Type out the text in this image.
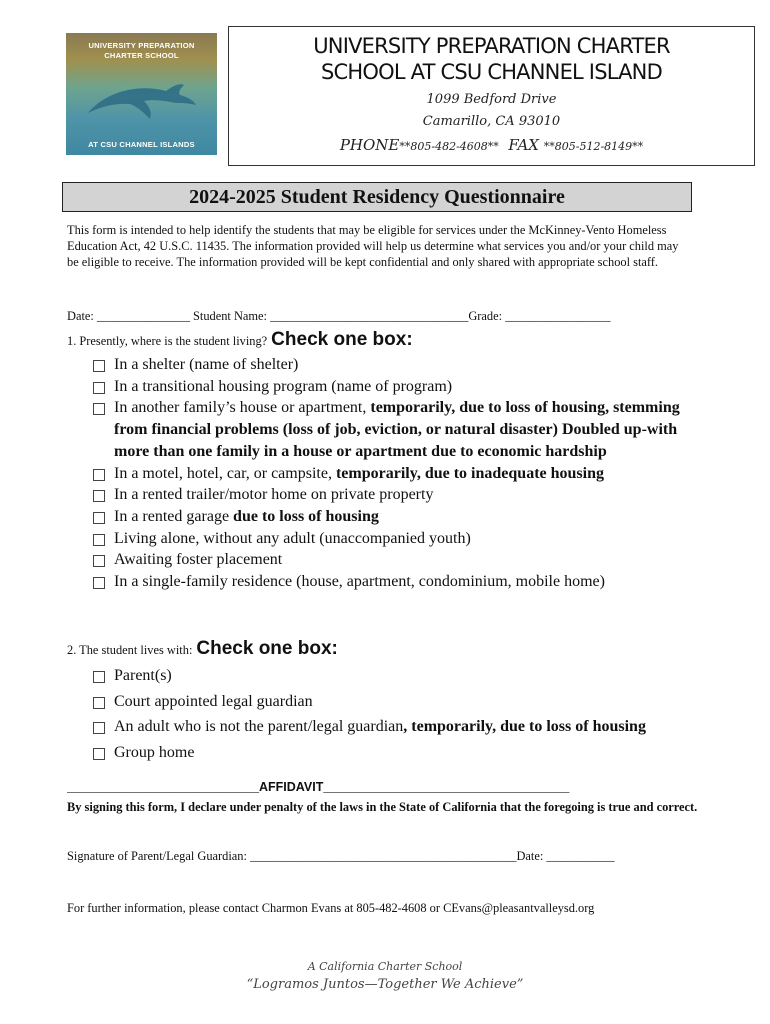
UNIVERSITY PREPARATION
CHARTER SCHOOL
AT CSU CHANNEL ISLANDS
UNIVERSITY PREPARATION CHARTER
SCHOOL AT CSU CHANNEL ISLAND
1099 Bedford Drive
Camarillo, CA 93010
PHONE**805-482-4608** FAX **805-512-8149**
2024-2025 Student Residency Questionnaire
This form is intended to help identify the students that may be eligible for services under the McKinney-Vento Homeless Education Act, 42 U.S.C. 11435. The information provided will help us determine what services you and/or your child may be eligible to receive. The information provided will be kept confidential and only shared with appropriate school staff.
Date: _______________ Student Name: ________________________________Grade: _________________
1. Presently, where is the student living? Check one box:
In a shelter (name of shelter)
In a transitional housing program (name of program)
In another family’s house or apartment, temporarily, due to loss of housing, stemming from financial problems (loss of job, eviction, or natural disaster) Doubled up-with more than one family in a house or apartment due to economic hardship
In a motel, hotel, car, or campsite, temporarily, due to inadequate housing
In a rented trailer/motor home on private property
In a rented garage due to loss of housing
Living alone, without any adult (unaccompanied youth)
Awaiting foster placement
In a single-family residence (house, apartment, condominium, mobile home)
2. The student lives with: Check one box:
Parent(s)
Court appointed legal guardian
An adult who is not the parent/legal guardian, temporarily, due to loss of housing
Group home
________________________________AFFIDAVIT_________________________________________
By signing this form, I declare under penalty of the laws in the State of California that the foregoing is true and correct.
Signature of Parent/Legal Guardian: ___________________________________________Date: ___________
For further information, please contact Charmon Evans at 805-482-4608 or CEvans@pleasantvalleysd.org
A California Charter School
“Logramos Juntos—Together We Achieve”
